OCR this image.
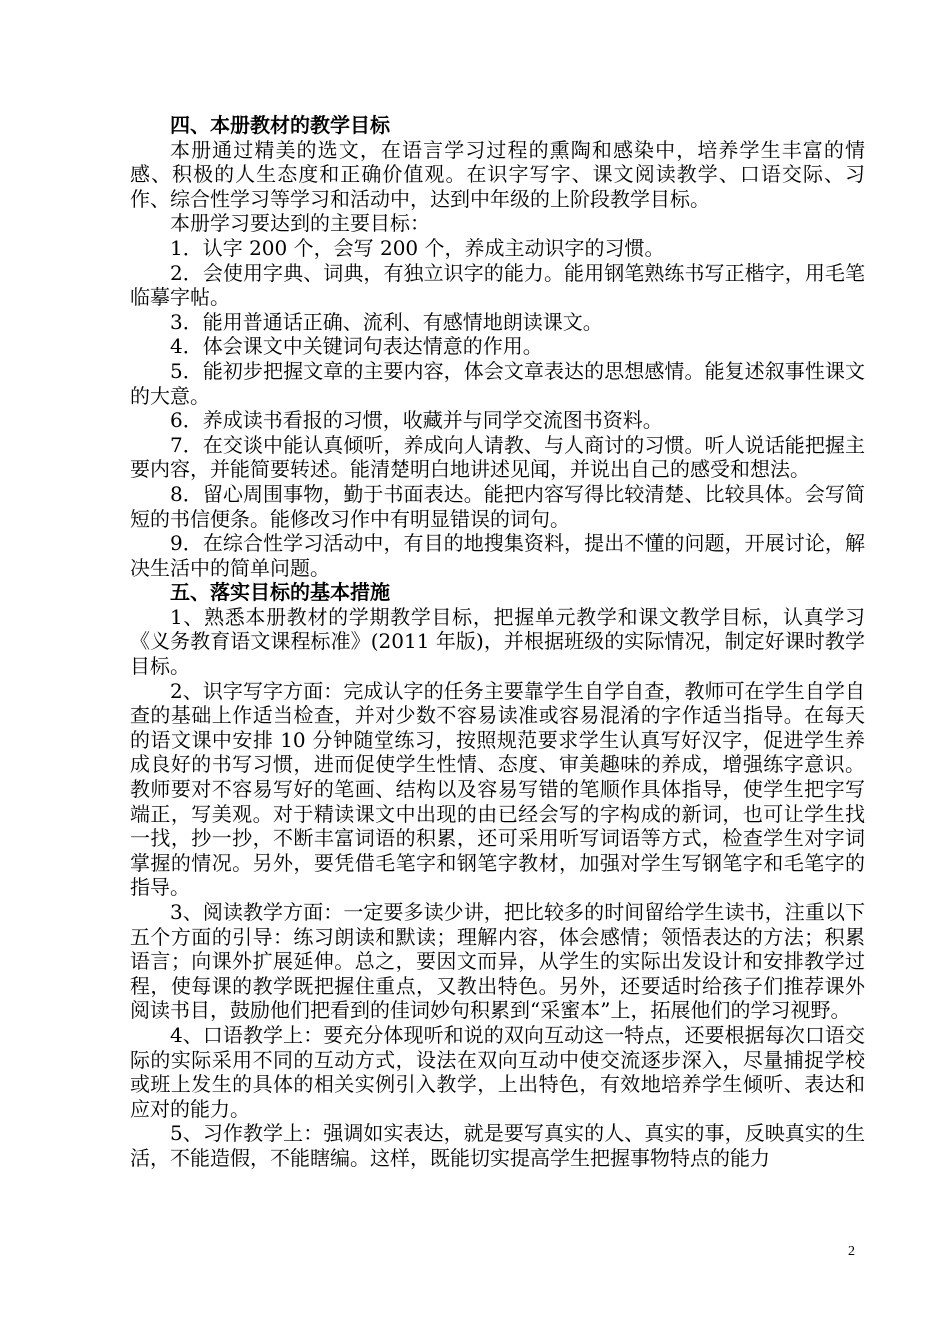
四、本册教材的教学目标

本册通过精美的选文，在语言学习过程的熏陶和感染中，培养学生丰富的情感、积极的人生态度和正确价值观。在识字写字、课文阅读教学、口语交际、习作、综合性学习等学习和活动中，达到中年级的上阶段教学目标。

本册学习要达到的主要目标：

1．认字 200 个，会写 200 个，养成主动识字的习惯。

2．会使用字典、词典，有独立识字的能力。能用钢笔熟练书写正楷字，用毛笔临摹字帖。

3．能用普通话正确、流利、有感情地朗读课文。

4．体会课文中关键词句表达情意的作用。

5．能初步把握文章的主要内容，体会文章表达的思想感情。能复述叙事性课文的大意。

6．养成读书看报的习惯，收藏并与同学交流图书资料。

7．在交谈中能认真倾听，养成向人请教、与人商讨的习惯。听人说话能把握主要内容，并能简要转述。能清楚明白地讲述见闻，并说出自己的感受和想法。

8．留心周围事物，勤于书面表达。能把内容写得比较清楚、比较具体。会写简短的书信便条。能修改习作中有明显错误的词句。

9．在综合性学习活动中，有目的地搜集资料，提出不懂的问题，开展讨论，解决生活中的简单问题。

五、落实目标的基本措施

1、熟悉本册教材的学期教学目标，把握单元教学和课文教学目标，认真学习《义务教育语文课程标准》(2011 年版)，并根据班级的实际情况，制定好课时教学目标。

2、识字写字方面：完成认字的任务主要靠学生自学自查，教师可在学生自学自查的基础上作适当检查，并对少数不容易读准或容易混淆的字作适当指导。在每天的语文课中安排 10 分钟随堂练习，按照规范要求学生认真写好汉字，促进学生养成良好的书写习惯，进而促使学生性情、态度、审美趣味的养成，增强练字意识。教师要对不容易写好的笔画、结构以及容易写错的笔顺作具体指导，使学生把字写端正，写美观。对于精读课文中出现的由已经会写的字构成的新词，也可让学生找一找，抄一抄，不断丰富词语的积累，还可采用听写词语等方式，检查学生对字词掌握的情况。另外，要凭借毛笔字和钢笔字教材，加强对学生写钢笔字和毛笔字的指导。

3、阅读教学方面：一定要多读少讲，把比较多的时间留给学生读书，注重以下五个方面的引导：练习朗读和默读；理解内容，体会感情；领悟表达的方法；积累语言；向课外扩展延伸。总之，要因文而异，从学生的实际出发设计和安排教学过程，使每课的教学既把握住重点，又教出特色。另外，还要适时给孩子们推荐课外阅读书目，鼓励他们把看到的佳词妙句积累到“采蜜本”上，拓展他们的学习视野。

4、口语教学上：要充分体现听和说的双向互动这一特点，还要根据每次口语交际的实际采用不同的互动方式，设法在双向互动中使交流逐步深入，尽量捕捉学校或班上发生的具体的相关实例引入教学，上出特色，有效地培养学生倾听、表达和应对的能力。

5、习作教学上：强调如实表达，就是要写真实的人、真实的事，反映真实的生活，不能造假，不能瞎编。这样，既能切实提高学生把握事物特点的能力

2
